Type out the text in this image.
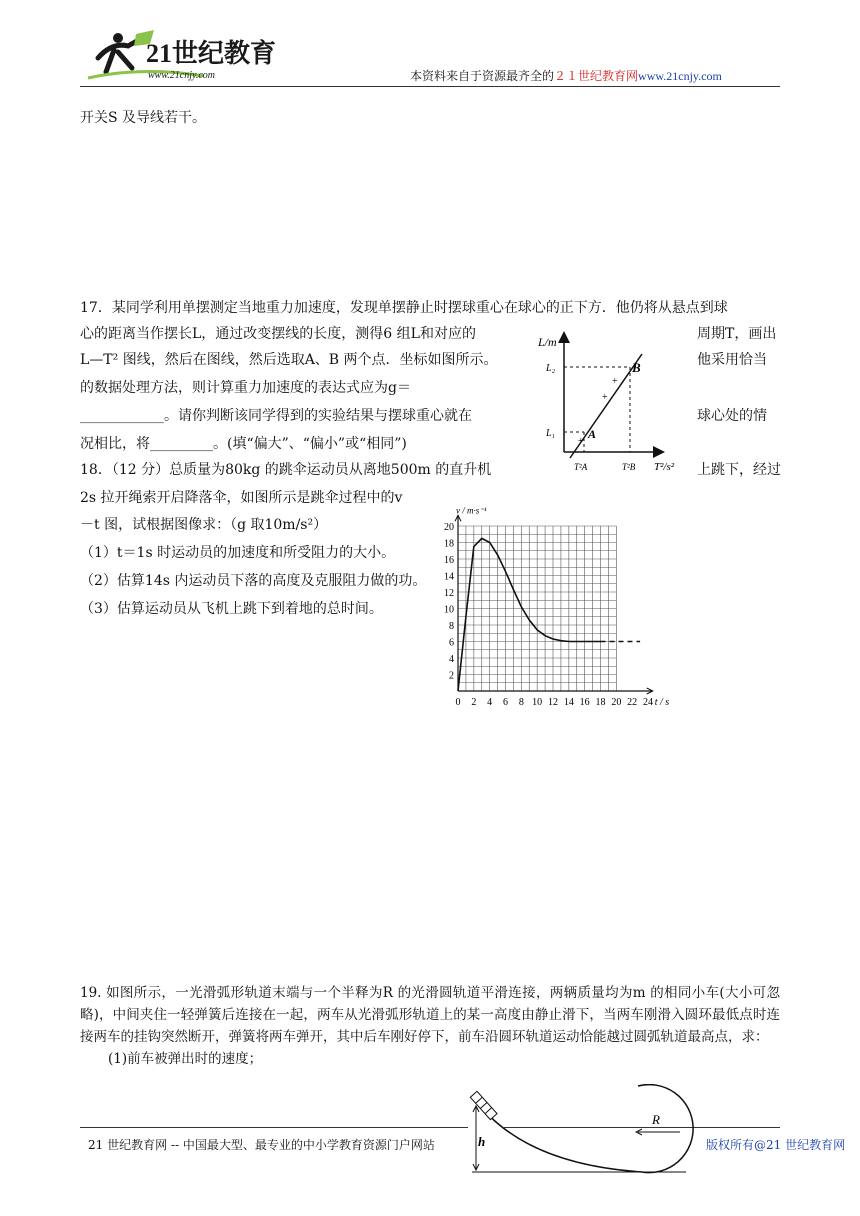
21世纪教育
www.21cnjy.com	本资料来自于资源最齐全的２１世纪教育网www.21cnjy.com
开关S 及导线若干。
17．某同学利用单摆测定当地重力加速度，发现单摆静止时摆球重心在球心的正下方．他仍将从悬点到球
心的距离当作摆长L，通过改变摆线的长度，测得6 组L和对应的	周期T，画出
L—T² 图线，然后在图线，然后选取A、B 两个点．坐标如图所示。	他采用恰当
的数据处理方法，则计算重力加速度的表达式应为g＝
____________。请你判断该同学得到的实验结果与摆球重心就在	球心处的情
况相比，将_________。(填“偏大”、“偏小”或“相同”)
L/m
T²/s²
L₂
L₁
T²A	T²B
A
B
+
+
+
18．（12 分）总质量为80kg 的跳伞运动员从离地500m 的直升机	上跳下，经过
2s 拉开绳索开启降落伞，如图所示是跳伞过程中的v
－t 图，试根据图像求：（g 取10m/s²）
（1）t＝1s 时运动员的加速度和所受阻力的大小。
（2）估算14s 内运动员下落的高度及克服阻力做的功。
（3）估算运动员从飞机上跳下到着地的总时间。
0 2 4 6 8 10 12 14 16 18 20 22 24
2
4
6
8
10
12
14
16
18
20
t / s
v / m·s⁻¹

19. 如图所示，一光滑弧形轨道末端与一个半释为R 的光滑圆轨道平滑连接，两辆质量均为m 的相同小车(大小可忽略)，中间夹住一轻弹簧后连接在一起，两车从光滑弧形轨道上的某一高度由静止滑下，当两车刚滑入圆环最低点时连接两车的挂钩突然断开，弹簧将两车弹开，其中后车刚好停下，前车沿圆环轨道运动恰能越过圆弧轨道最高点，求：

(1)前车被弹出时的速度；

21 世纪教育网 -- 中国最大型、最专业的中小学教育资源门户网站	版权所有@21 世纪教育网
h
R
